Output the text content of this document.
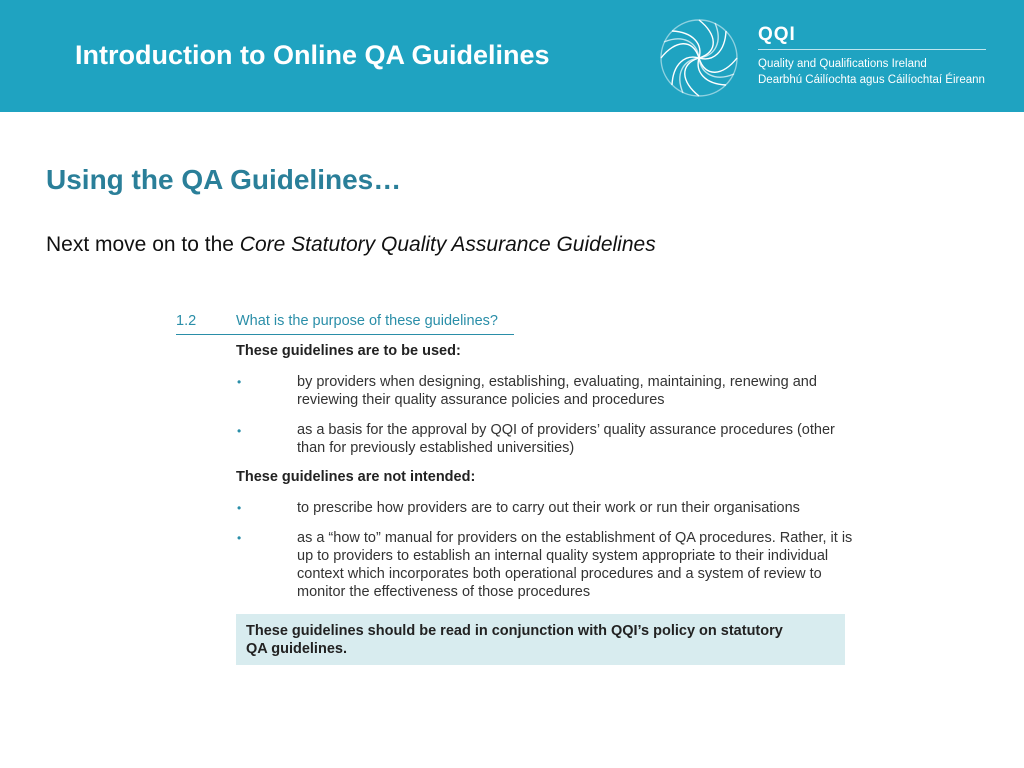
Introduction to Online QA Guidelines
QQI
Quality and Qualifications Ireland
Dearbhú Cáilíochta agus Cáilíochtaí Éireann
Using the QA Guidelines…
Next move on to the Core Statutory Quality Assurance Guidelines
1.2	What is the purpose of these guidelines?
These guidelines are to be used:
•	by providers when designing, establishing, evaluating, maintaining, renewing and reviewing their quality assurance policies and procedures
•	as a basis for the approval by QQI of providers’ quality assurance procedures (other than for previously established universities)
These guidelines are not intended:
•	to prescribe how providers are to carry out their work or run their organisations
•	as a “how to” manual for providers on the establishment of QA procedures. Rather, it is up to providers to establish an internal quality system appropriate to their individual context which incorporates both operational procedures and a system of review to monitor the effectiveness of those procedures
These guidelines should be read in conjunction with QQI’s policy on statutory QA guidelines.
